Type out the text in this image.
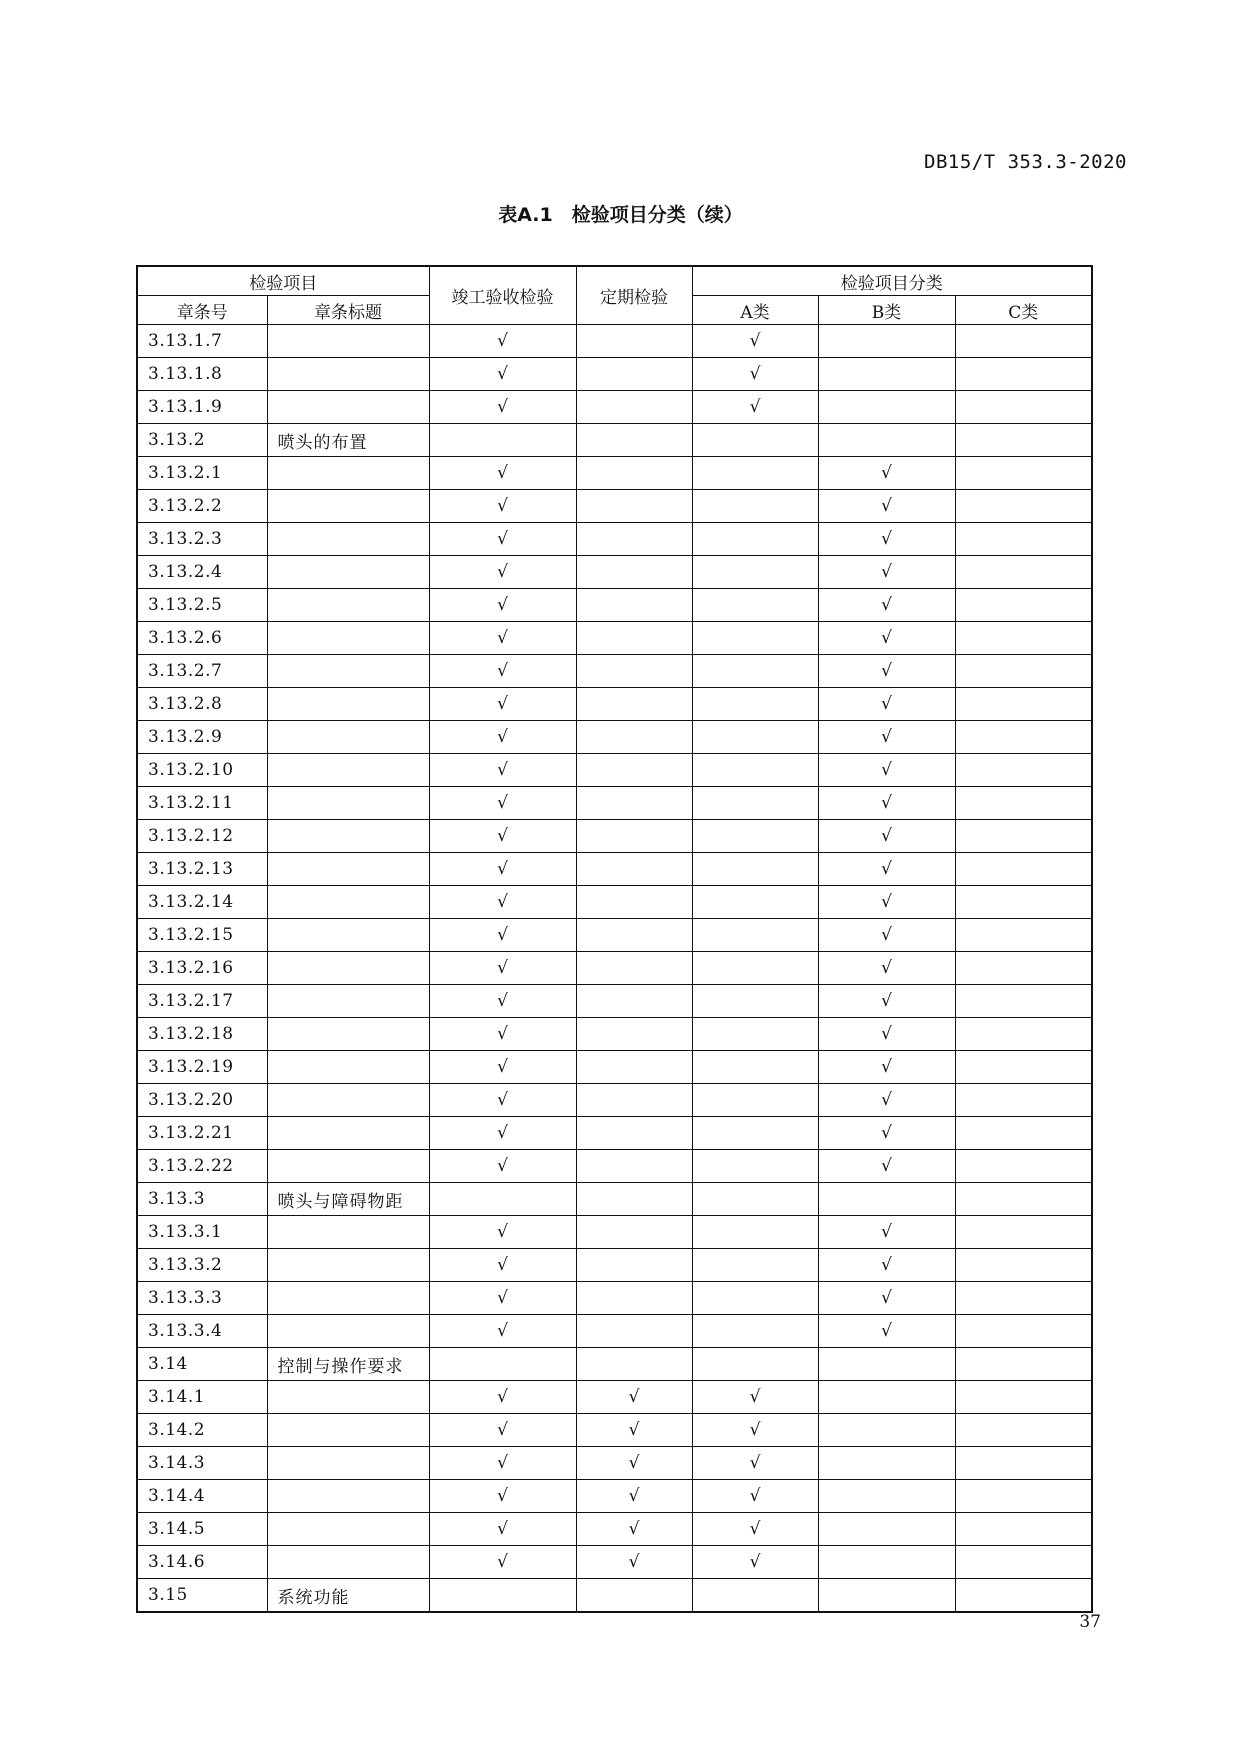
DB15/T 353.3-2020
表A.1　检验项目分类（续）
检验项目		竣工验收检验	定期检验	检验项目分类		
章条号	章条标题			A类	B类	C类
3.13.1.7		√		√		
3.13.1.8		√		√		
3.13.1.9		√		√		
3.13.2	喷头的布置					
3.13.2.1		√			√	
3.13.2.2		√			√	
3.13.2.3		√			√	
3.13.2.4		√			√	
3.13.2.5		√			√	
3.13.2.6		√			√	
3.13.2.7		√			√	
3.13.2.8		√			√	
3.13.2.9		√			√	
3.13.2.10		√			√	
3.13.2.11		√			√	
3.13.2.12		√			√	
3.13.2.13		√			√	
3.13.2.14		√			√	
3.13.2.15		√			√	
3.13.2.16		√			√	
3.13.2.17		√			√	
3.13.2.18		√			√	
3.13.2.19		√			√	
3.13.2.20		√			√	
3.13.2.21		√			√	
3.13.2.22		√			√	
3.13.3	喷头与障碍物距					
3.13.3.1		√			√	
3.13.3.2		√			√	
3.13.3.3		√			√	
3.13.3.4		√			√	
3.14	控制与操作要求					
3.14.1		√	√	√		
3.14.2		√	√	√		
3.14.3		√	√	√		
3.14.4		√	√	√		
3.14.5		√	√	√		
3.14.6		√	√	√		
3.15	系统功能					
37
